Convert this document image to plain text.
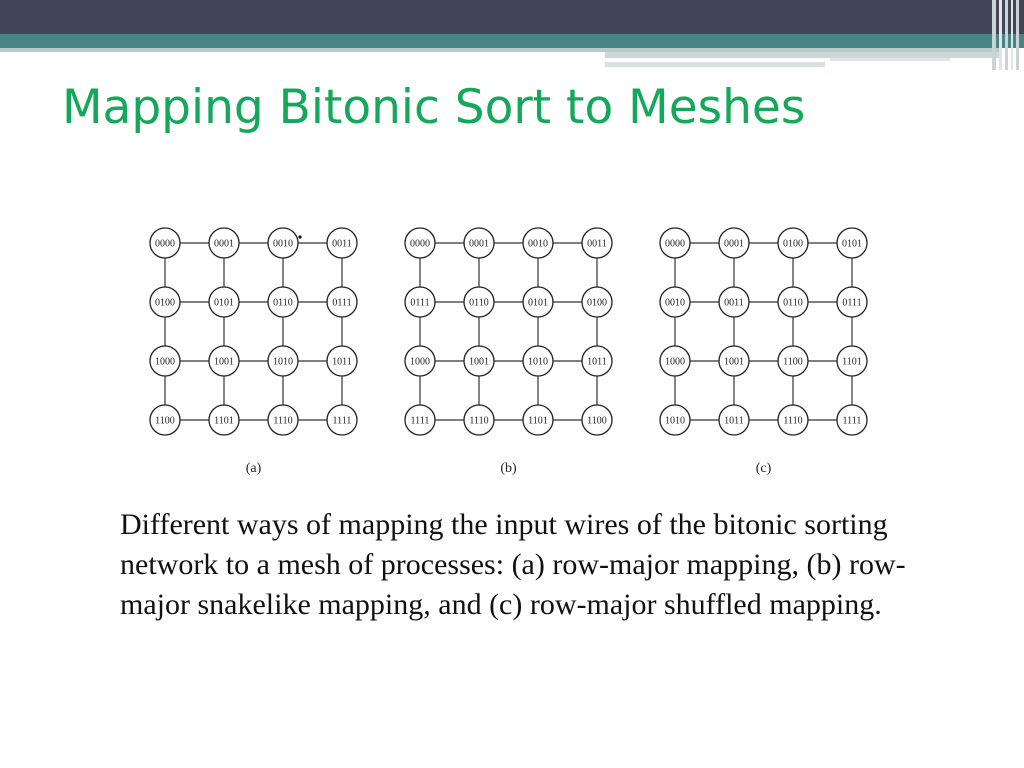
Mapping Bitonic Sort to Meshes
0000	0001	0010	0011
0100	0101	0110	0111
1000	1001	1010	1011
1100	1101	1110	1111
(a)
0000	0001	0010	0011
0111	0110	0101	0100
1000	1001	1010	1011
1111	1110	1101	1100
(b)
0000	0001	0100	0101
0010	0011	0110	0111
1000	1001	1100	1101
1010	1011	1110	1111
(c)

Different ways of mapping the input wires of the bitonic sorting network to a mesh of processes: (a) row-major mapping, (b) row-major snakelike mapping, and (c) row-major shuffled mapping.
